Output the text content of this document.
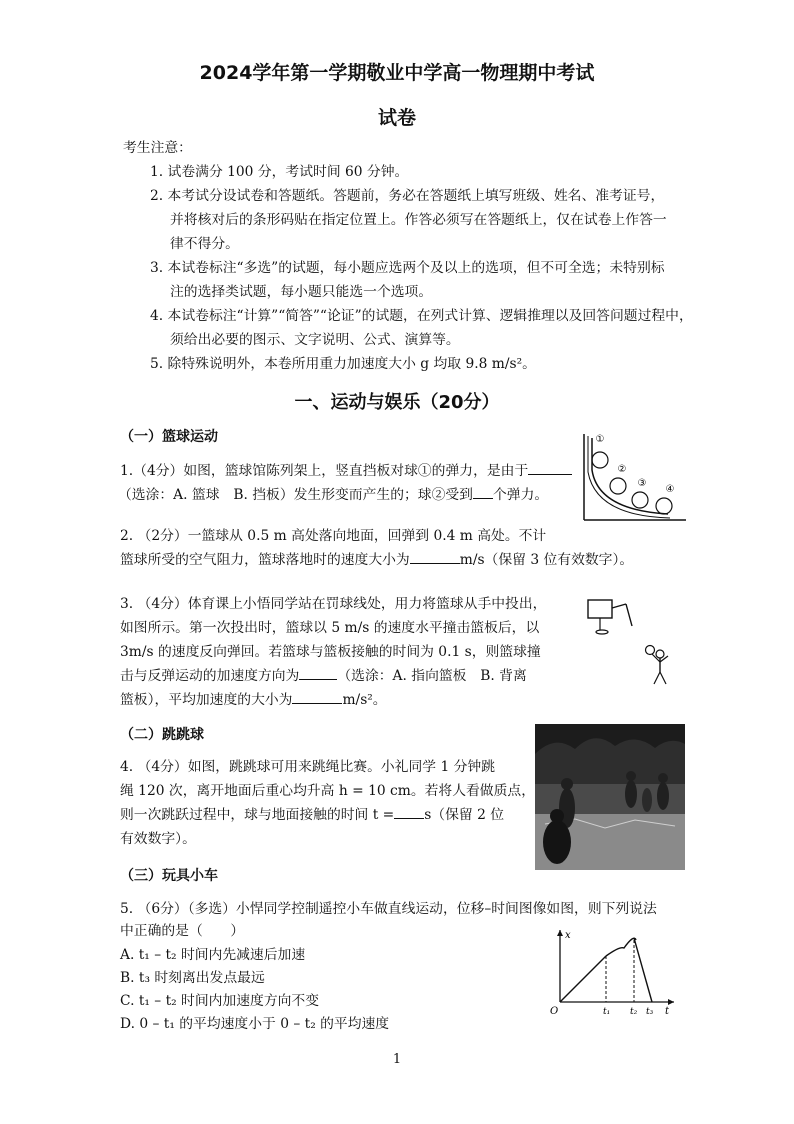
2024学年第一学期敬业中学高一物理期中考试
试卷
考生注意：
1. 试卷满分 100 分，考试时间 60 分钟。
2. 本考试分设试卷和答题纸。答题前，务必在答题纸上填写班级、姓名、准考证号，
并将核对后的条形码贴在指定位置上。作答必须写在答题纸上，仅在试卷上作答一
律不得分。
3. 本试卷标注“多选”的试题，每小题应选两个及以上的选项，但不可全选；未特别标
注的选择类试题，每小题只能选一个选项。
4. 本试卷标注“计算”“简答”“论证”的试题，在列式计算、逻辑推理以及回答问题过程中，
须给出必要的图示、文字说明、公式、演算等。
5. 除特殊说明外，本卷所用重力加速度大小 g 均取 9.8 m/s²。
一、运动与娱乐（20分）
（一）篮球运动
1.（4分）如图，篮球馆陈列架上，竖直挡板对球①的弹力，是由于
（选涂：A. 篮球　B. 挡板）发生形变而产生的；球②受到 个弹力。
①
②
③
④
2. （2分）一篮球从 0.5 m 高处落向地面，回弹到 0.4 m 高处。不计
篮球所受的空气阻力，篮球落地时的速度大小为	m/s（保留 3 位有效数字）。
3. （4分）体育课上小悟同学站在罚球线处，用力将篮球从手中投出，
如图所示。第一次投出时，篮球以 5 m/s 的速度水平撞击篮板后，以
3m/s 的速度反向弹回。若篮球与篮板接触的时间为 0.1 s，则篮球撞
击与反弹运动的加速度方向为	（选涂：A. 指向篮板　B. 背离
篮板），平均加速度的大小为	m/s²。
（二）跳跳球
4. （4分）如图，跳跳球可用来跳绳比赛。小礼同学 1 分钟跳
绳 120 次，离开地面后重心均升高 h = 10 cm。若将人看做质点，
则一次跳跃过程中，球与地面接触的时间 t = s（保留 2 位
有效数字）。
（三）玩具小车
5. （6分）（多选）小悍同学控制遥控小车做直线运动，位移–时间图像如图，则下列说法
中正确的是（　　）
A. t₁ – t₂ 时间内先减速后加速
B. t₃ 时刻离出发点最远
C. t₁ – t₂ 时间内加速度方向不变
D. 0 – t₁ 的平均速度小于 0 – t₂ 的平均速度
x
t
O	t₁ t₂ t₃
1
